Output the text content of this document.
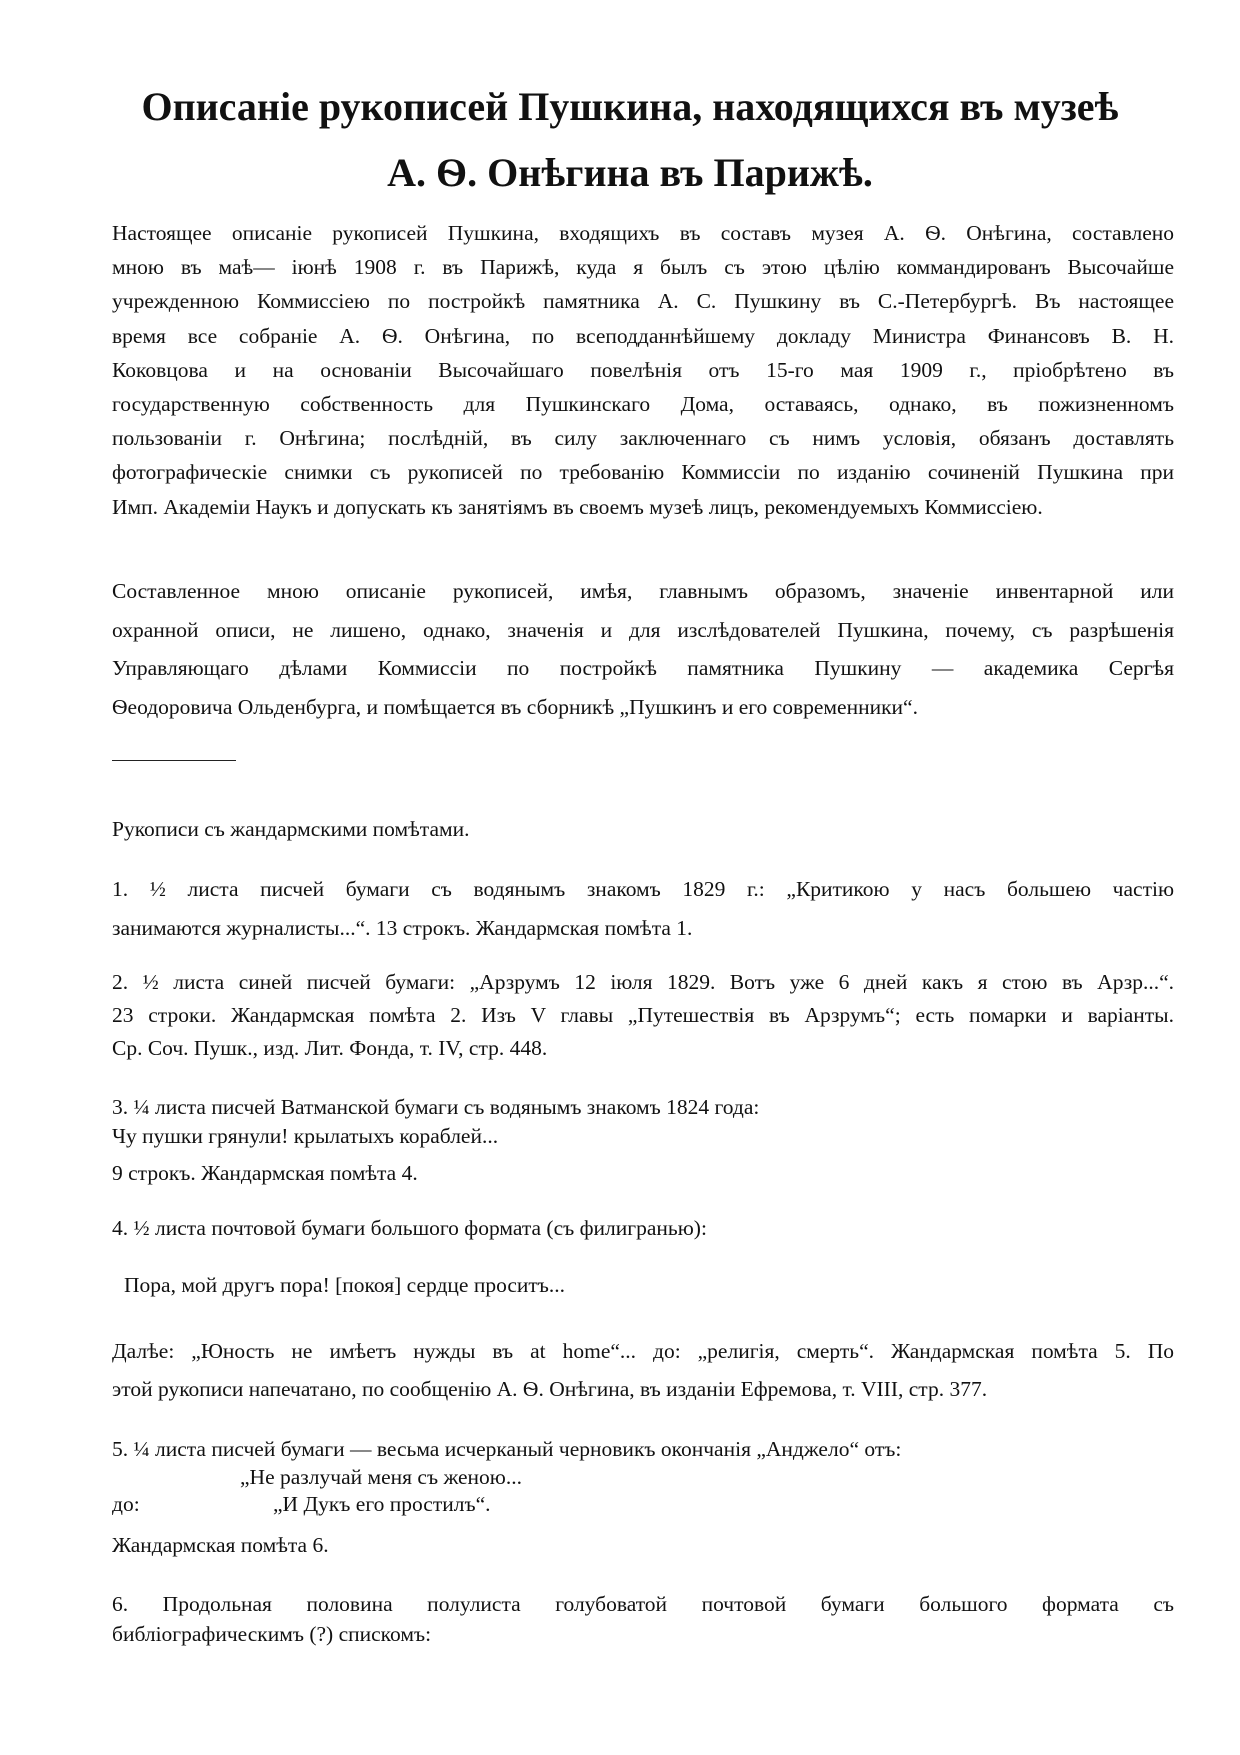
Описаніе рукописей Пушкина, находящихся въ музеѣ
А. Ѳ. Онѣгина въ Парижѣ.
Настоящее описаніе рукописей Пушкина, входящихъ въ составъ музея А. Ѳ. Онѣгина, составлено
мною въ маѣ— іюнѣ 1908 г. въ Парижѣ, куда я былъ съ этою цѣлію коммандированъ Высочайше
учрежденною Коммиссіею по постройкѣ памятника А. С. Пушкину въ С.-Петербургѣ. Въ настоящее
время все собраніе А. Ѳ. Онѣгина, по всеподданнѣйшему докладу Министра Финансовъ В. Н.
Коковцова и на основаніи Высочайшаго повелѣнія отъ 15-го мая 1909 г., пріобрѣтено въ
государственную собственность для Пушкинскаго Дома, оставаясь, однако, въ пожизненномъ
пользованіи г. Онѣгина; послѣдній, въ силу заключеннаго съ нимъ условія, обязанъ доставлять
фотографическіе снимки съ рукописей по требованію Коммиссіи по изданію сочиненій Пушкина при
Имп. Академіи Наукъ и допускать къ занятіямъ въ своемъ музеѣ лицъ, рекомендуемыхъ Коммиссіею.
Составленное мною описаніе рукописей, имѣя, главнымъ образомъ, значеніе инвентарной или
охранной описи, не лишено, однако, значенія и для изслѣдователей Пушкина, почему, съ разрѣшенія
Управляющаго дѣлами Коммиссіи по постройкѣ памятника Пушкину — академика Сергѣя
Ѳеодоровича Ольденбурга, и помѣщается въ сборникѣ „Пушкинъ и его современники“.
Рукописи съ жандармскими помѣтами.
1. ½ листа писчей бумаги съ водянымъ знакомъ 1829 г.: „Критикою у насъ большею частію
занимаются журналисты...“. 13 строкъ. Жандармская помѣта 1.
2. ½ листа синей писчей бумаги: „Арзрумъ 12 іюля 1829. Вотъ уже 6 дней какъ я стою въ Арзр...“.
23 строки. Жандармская помѣта 2. Изъ V главы „Путешествія въ Арзрумъ“; есть помарки и варіанты.
Ср. Соч. Пушк., изд. Лит. Фонда, т. IV, стр. 448.
3. ¼ листа писчей Ватманской бумаги съ водянымъ знакомъ 1824 года:
Чу пушки грянули! крылатыхъ кораблей...
9 строкъ. Жандармская помѣта 4.
4. ½ листа почтовой бумаги большого формата (съ филигранью):
Пора, мой другъ пора! [покоя] сердце проситъ...
Далѣе: „Юность не имѣетъ нужды въ at home“... до: „религія, смерть“. Жандармская помѣта 5. По
этой рукописи напечатано, по сообщенію А. Ѳ. Онѣгина, въ изданіи Ефремова, т. VIII, стр. 377.
5. ¼ листа писчей бумаги — весьма исчерканый черновикъ окончанія „Анджело“ отъ:
„Не разлучай меня съ женою...
до:	„И Дукъ его простилъ“.
Жандармская помѣта 6.
6. Продольная половина полулиста голубоватой почтовой бумаги большого формата съ
библіографическимъ (?) спискомъ:
